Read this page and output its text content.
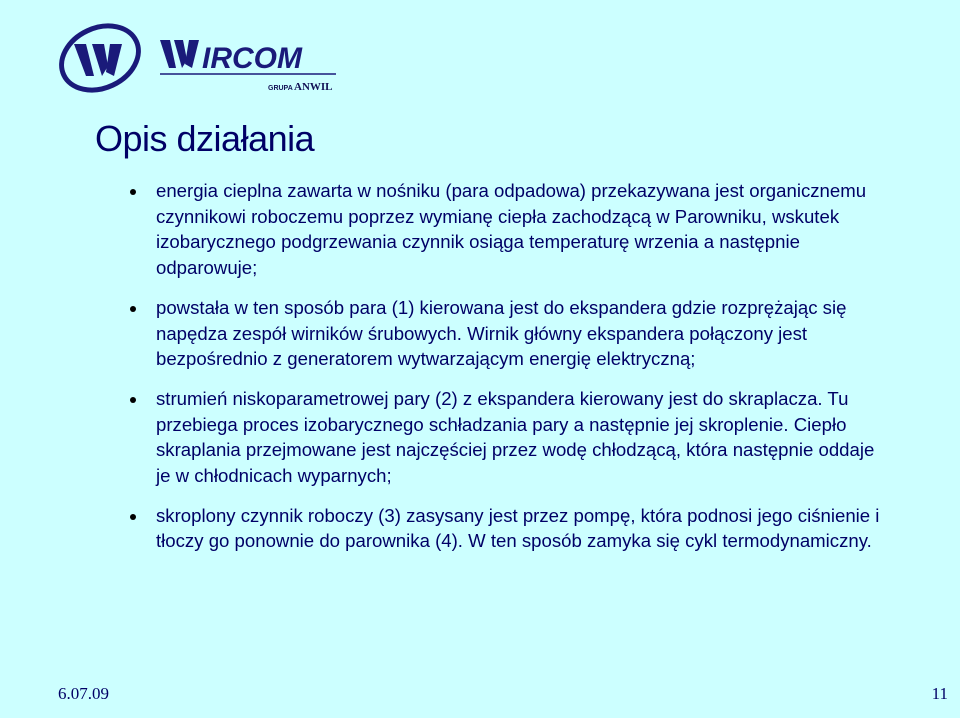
IRCOM
GRUPA ANWIL
Opis działania
energia cieplna zawarta w nośniku (para odpadowa) przekazywana jest organicznemu czynnikowi roboczemu poprzez wymianę ciepła zachodzącą w Parowniku, wskutek izobarycznego podgrzewania czynnik osiąga temperaturę wrzenia a następnie odparowuje;
powstała w ten sposób para (1) kierowana jest do ekspandera gdzie rozprężając się napędza zespół wirników śrubowych. Wirnik główny ekspandera połączony jest bezpośrednio z generatorem wytwarzającym energię elektryczną;
strumień niskoparametrowej pary (2) z ekspandera kierowany jest do skraplacza. Tu przebiega proces izobarycznego schładzania pary a następnie jej skroplenie. Ciepło skraplania przejmowane jest najczęściej przez wodę chłodzącą, która następnie oddaje je w chłodnicach wyparnych;
skroplony czynnik roboczy (3) zasysany jest przez pompę, która podnosi jego ciśnienie i tłoczy go ponownie do parownika (4). W ten sposób zamyka się cykl termodynamiczny.
6.07.09	11
